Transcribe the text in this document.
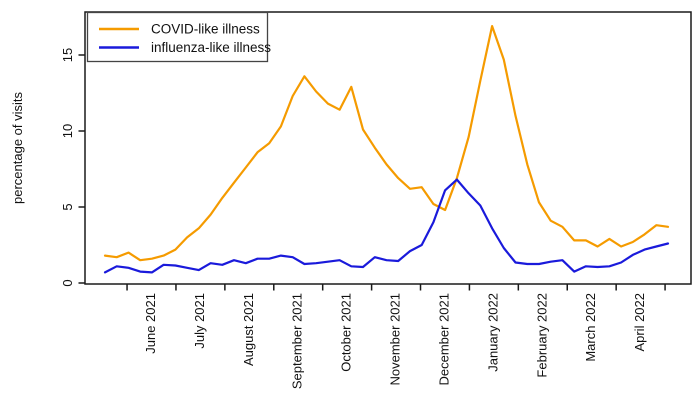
0
5
10
15
June 2021	July 2021	August 2021	September 2021	October 2021	November 2021	December 2021	January 2022	February 2022	March 2022	April 2022
COVID-like illness
influenza-like illness
percentage of visits
